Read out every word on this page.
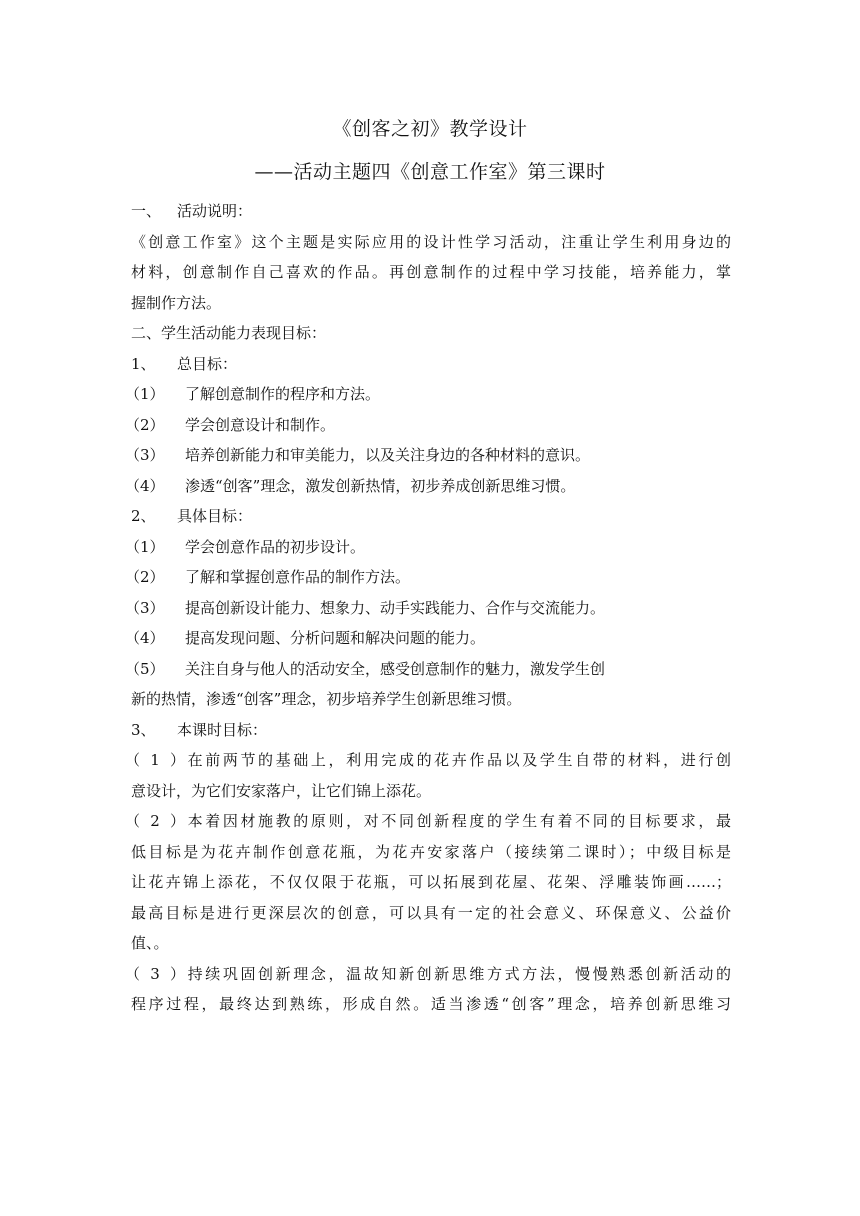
《创客之初》教学设计
——活动主题四《创意工作室》第三课时
一、 活动说明：
《创意工作室》这个主题是实际应用的设计性学习活动，注重让学生利用身边的
材料，创意制作自己喜欢的作品。再创意制作的过程中学习技能，培养能力，掌
握制作方法。
二、学生活动能力表现目标：
1、 总目标：
（1） 了解创意制作的程序和方法。
（2） 学会创意设计和制作。
（3） 培养创新能力和审美能力，以及关注身边的各种材料的意识。
（4） 渗透“创客”理念，激发创新热情，初步养成创新思维习惯。
2、 具体目标：
（1） 学会创意作品的初步设计。
（2） 了解和掌握创意作品的制作方法。
（3） 提高创新设计能力、想象力、动手实践能力、合作与交流能力。
（4） 提高发现问题、分析问题和解决问题的能力。
（5） 关注自身与他人的活动安全，感受创意制作的魅力，激发学生创
新的热情，渗透“创客”理念，初步培养学生创新思维习惯。
3、 本课时目标：
（1）在前两节的基础上，利用完成的花卉作品以及学生自带的材料，进行创
意设计，为它们安家落户，让它们锦上添花。
（2）本着因材施教的原则，对不同创新程度的学生有着不同的目标要求，最
低目标是为花卉制作创意花瓶，为花卉安家落户（接续第二课时）；中级目标是
让花卉锦上添花，不仅仅限于花瓶，可以拓展到花屋、花架、浮雕装饰画……；
最高目标是进行更深层次的创意，可以具有一定的社会意义、环保意义、公益价
值、。
（3）持续巩固创新理念，温故知新创新思维方式方法，慢慢熟悉创新活动的
程序过程，最终达到熟练，形成自然。适当渗透“创客”理念，培养创新思维习
